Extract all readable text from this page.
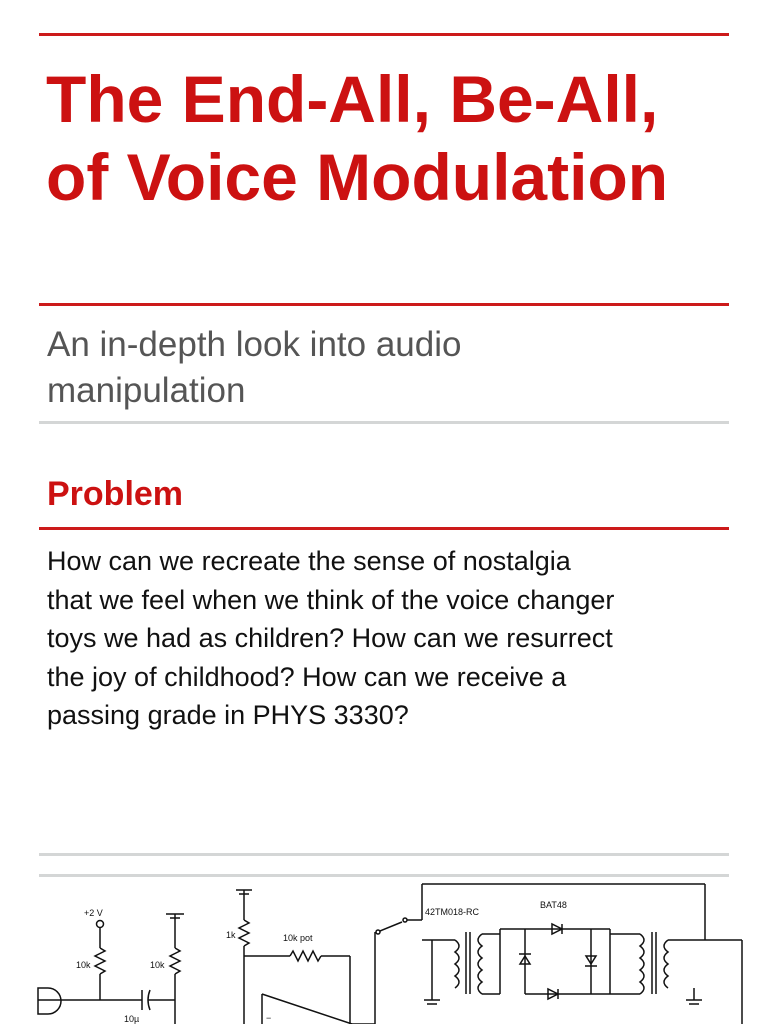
The End-All, Be-All,
of Voice Modulation

An in-depth look into audio
manipulation

Problem

How can we recreate the sense of nostalgia
that we feel when we think of the voice changer
toys we had as children? How can we resurrect
the joy of childhood? How can we receive a
passing grade in PHYS 3330?

+2 V
10k	10k
10µ
1k	10k pot
−
42TM018-RC
BAT48
